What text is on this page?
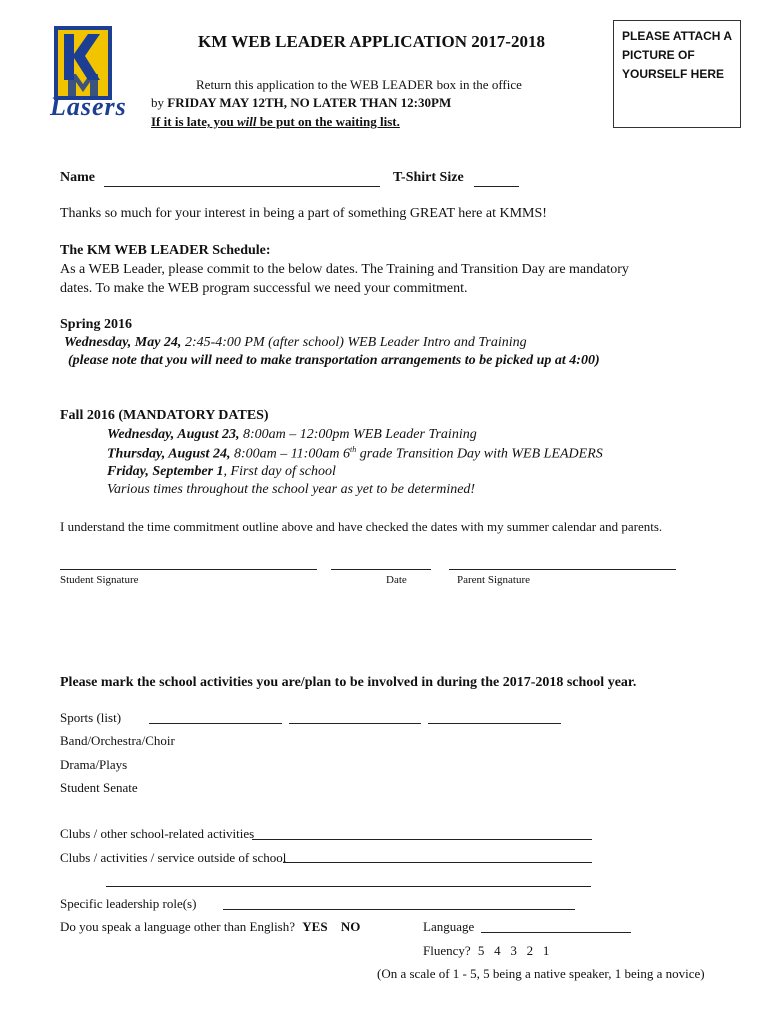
Lasers
PLEASE ATTACH A PICTURE OF YOURSELF HERE
KM WEB LEADER APPLICATION 2017-2018
Return this application to the WEB LEADER box in the office
by FRIDAY MAY 12TH, NO LATER THAN 12:30PM
If it is late, you will be put on the waiting list.
Name	T-Shirt Size
Thanks so much for your interest in being a part of something GREAT here at KMMS!
The KM WEB LEADER Schedule:
As a WEB Leader, please commit to the below dates. The Training and Transition Day are mandatory
dates. To make the WEB program successful we need your commitment.
Spring 2016
Wednesday, May 24, 2:45-4:00 PM (after school) WEB Leader Intro and Training
(please note that you will need to make transportation arrangements to be picked up at 4:00)
Fall 2016 (MANDATORY DATES)
Wednesday, August 23, 8:00am – 12:00pm WEB Leader Training
Thursday, August 24, 8:00am – 11:00am 6th grade Transition Day with WEB LEADERS
Friday, September 1, First day of school
Various times throughout the school year as yet to be determined!
I understand the time commitment outline above and have checked the dates with my summer calendar and parents.
Student Signature	Date	Parent Signature
Please mark the school activities you are/plan to be involved in during the 2017-2018 school year.
Sports (list)
Band/Orchestra/Choir
Drama/Plays
Student Senate
Clubs / other school-related activities
Clubs / activities / service outside of school
Specific leadership role(s)
Do you speak a language other than English? YES NO	Language
Fluency? 5   4   3   2   1
(On a scale of 1 - 5, 5 being a native speaker, 1 being a novice)
